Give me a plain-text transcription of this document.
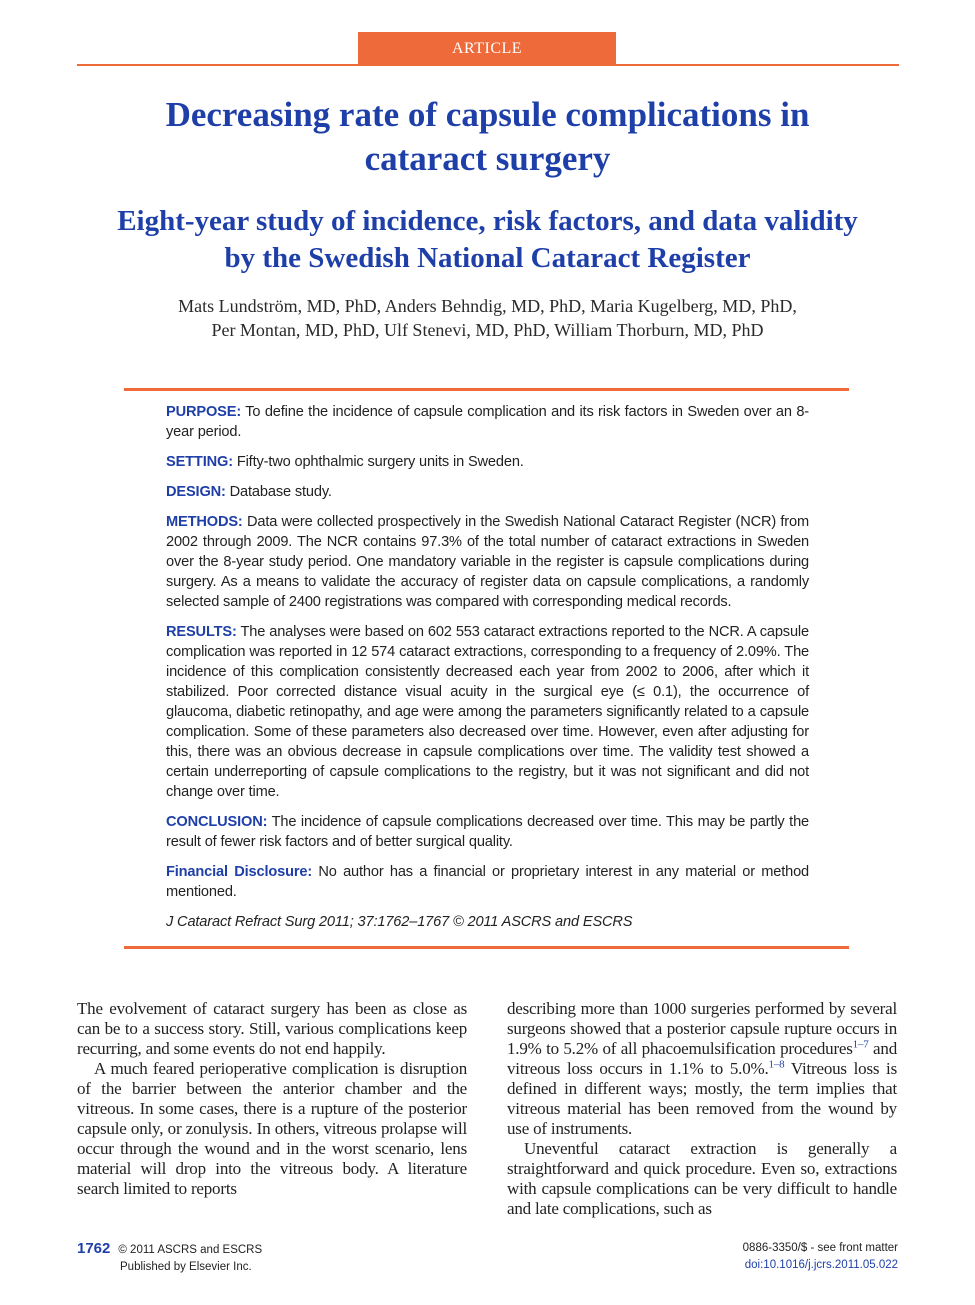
ARTICLE
Decreasing rate of capsule complications in cataract surgery
Eight-year study of incidence, risk factors, and data validity by the Swedish National Cataract Register
Mats Lundström, MD, PhD, Anders Behndig, MD, PhD, Maria Kugelberg, MD, PhD,
Per Montan, MD, PhD, Ulf Stenevi, MD, PhD, William Thorburn, MD, PhD

PURPOSE: To define the incidence of capsule complication and its risk factors in Sweden over an 8-year period.

SETTING: Fifty-two ophthalmic surgery units in Sweden.

DESIGN: Database study.

METHODS: Data were collected prospectively in the Swedish National Cataract Register (NCR) from 2002 through 2009. The NCR contains 97.3% of the total number of cataract extractions in Sweden over the 8-year study period. One mandatory variable in the register is capsule complications during surgery. As a means to validate the accuracy of register data on capsule complications, a randomly selected sample of 2400 registrations was compared with corresponding medical records.

RESULTS: The analyses were based on 602 553 cataract extractions reported to the NCR. A capsule complication was reported in 12 574 cataract extractions, corresponding to a frequency of 2.09%. The incidence of this complication consistently decreased each year from 2002 to 2006, after which it stabilized. Poor corrected distance visual acuity in the surgical eye (≤ 0.1), the occurrence of glaucoma, diabetic retinopathy, and age were among the parameters significantly related to a capsule complication. Some of these parameters also decreased over time. However, even after adjusting for this, there was an obvious decrease in capsule complications over time. The validity test showed a certain underreporting of capsule complications to the registry, but it was not significant and did not change over time.

CONCLUSION: The incidence of capsule complications decreased over time. This may be partly the result of fewer risk factors and of better surgical quality.

Financial Disclosure: No author has a financial or proprietary interest in any material or method mentioned.

J Cataract Refract Surg 2011; 37:1762–1767 © 2011 ASCRS and ESCRS

The evolvement of cataract surgery has been as close as can be to a success story. Still, various complications keep recurring, and some events do not end happily.

A much feared perioperative complication is disruption of the barrier between the anterior chamber and the vitreous. In some cases, there is a rupture of the posterior capsule only, or zonulysis. In others, vitreous prolapse will occur through the wound and in the worst scenario, lens material will drop into the vitreous body. A literature search limited to reports

describing more than 1000 surgeries performed by several surgeons showed that a posterior capsule rupture occurs in 1.9% to 5.2% of all phacoemulsification procedures$^{1-7}$ and vitreous loss occurs in 1.1% to 5.0%.$^{1-8}$ Vitreous loss is defined in different ways; mostly, the term implies that vitreous material has been removed from the wound by use of instruments.

Uneventful cataract extraction is generally a straightforward and quick procedure. Even so, extractions with capsule complications can be very difficult to handle and late complications, such as

1762 © 2011 ASCRS and ESCRS
Published by Elsevier Inc.
0886-3350/$ - see front matter
doi:10.1016/j.jcrs.2011.05.022
